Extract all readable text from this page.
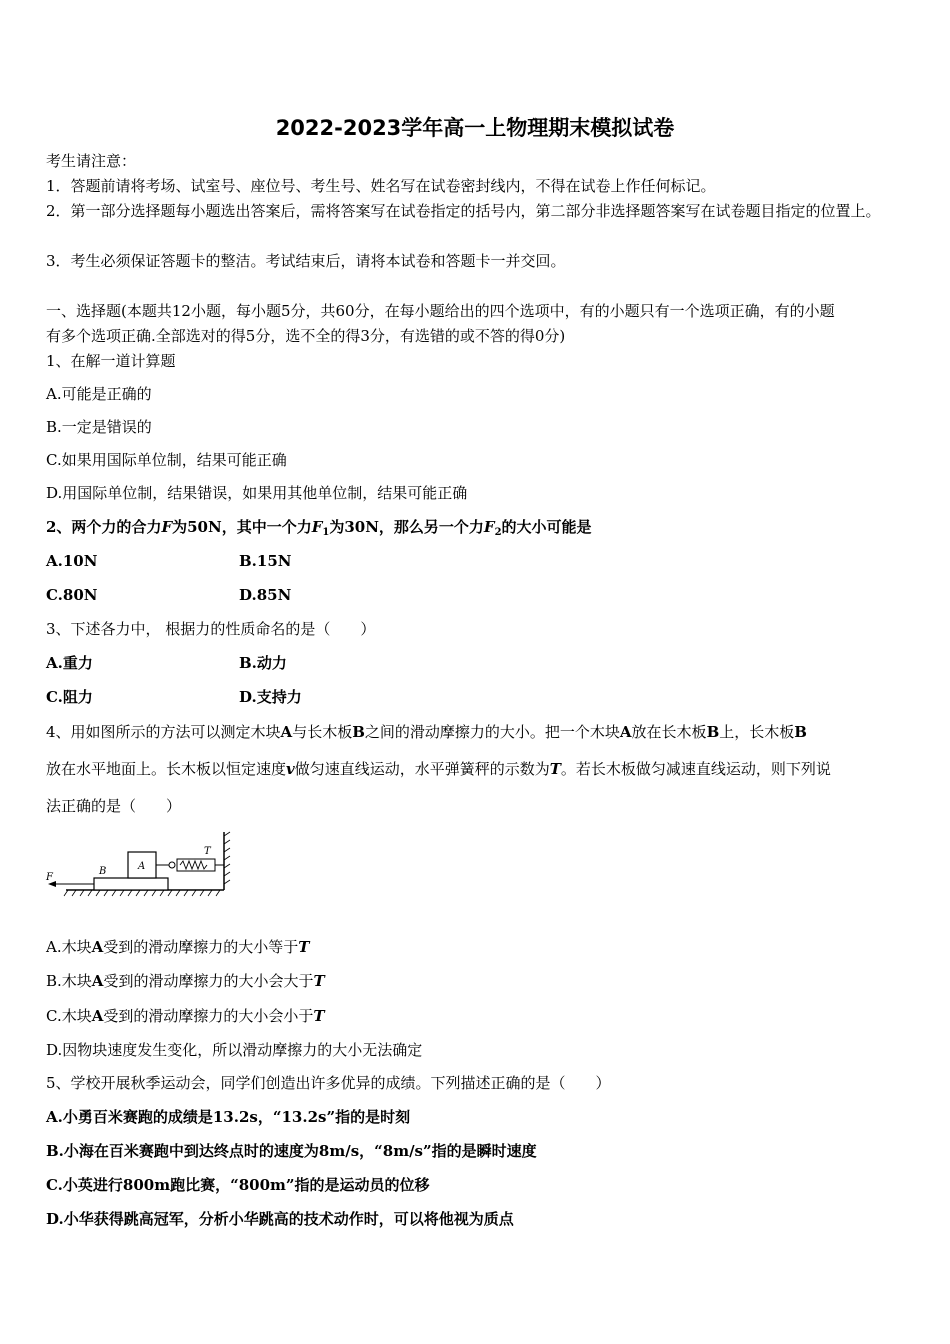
2022-2023学年高一上物理期末模拟试卷
考生请注意：
1．答题前请将考场、试室号、座位号、考生号、姓名写在试卷密封线内，不得在试卷上作任何标记。
2．第一部分选择题每小题选出答案后，需将答案写在试卷指定的括号内，第二部分非选择题答案写在试卷题目指定的位置上。
3．考生必须保证答题卡的整洁。考试结束后，请将本试卷和答题卡一并交回。
一、选择题(本题共12小题，每小题5分，共60分，在每小题给出的四个选项中，有的小题只有一个选项正确，有的小题
有多个选项正确.全部选对的得5分，选不全的得3分，有选错的或不答的得0分)
1、在解一道计算题
A.可能是正确的
B.一定是错误的
C.如果用国际单位制，结果可能正确
D.用国际单位制，结果错误，如果用其他单位制，结果可能正确
2、两个力的合力F为50N，其中一个力$F_1$为30N，那么另一个力$F_2$的大小可能是
A.10N	B.15N
C.80N	D.85N
3、下述各力中， 根据力的性质命名的是（　　）
A.重力	B.动力
C.阻力	D.支持力
4、用如图所示的方法可以测定木块A与长木板B之间的滑动摩擦力的大小。把一个木块A放在长木板B上，长木板B
放在水平地面上。长木板以恒定速度v做匀速直线运动，水平弹簧秤的示数为T。若长木板做匀减速直线运动，则下列说
法正确的是（　　）
B	A
T
F
A.木块A受到的滑动摩擦力的大小等于T
B.木块A受到的滑动摩擦力的大小会大于T
C.木块A受到的滑动摩擦力的大小会小于T
D.因物块速度发生变化，所以滑动摩擦力的大小无法确定
5、学校开展秋季运动会，同学们创造出许多优异的成绩。下列描述正确的是（　　）
A.小勇百米赛跑的成绩是13.2s，“13.2s”指的是时刻
B.小海在百米赛跑中到达终点时的速度为8m/s，“8m/s”指的是瞬时速度
C.小英进行800m跑比赛，“800m”指的是运动员的位移
D.小华获得跳高冠军，分析小华跳高的技术动作时，可以将他视为质点
